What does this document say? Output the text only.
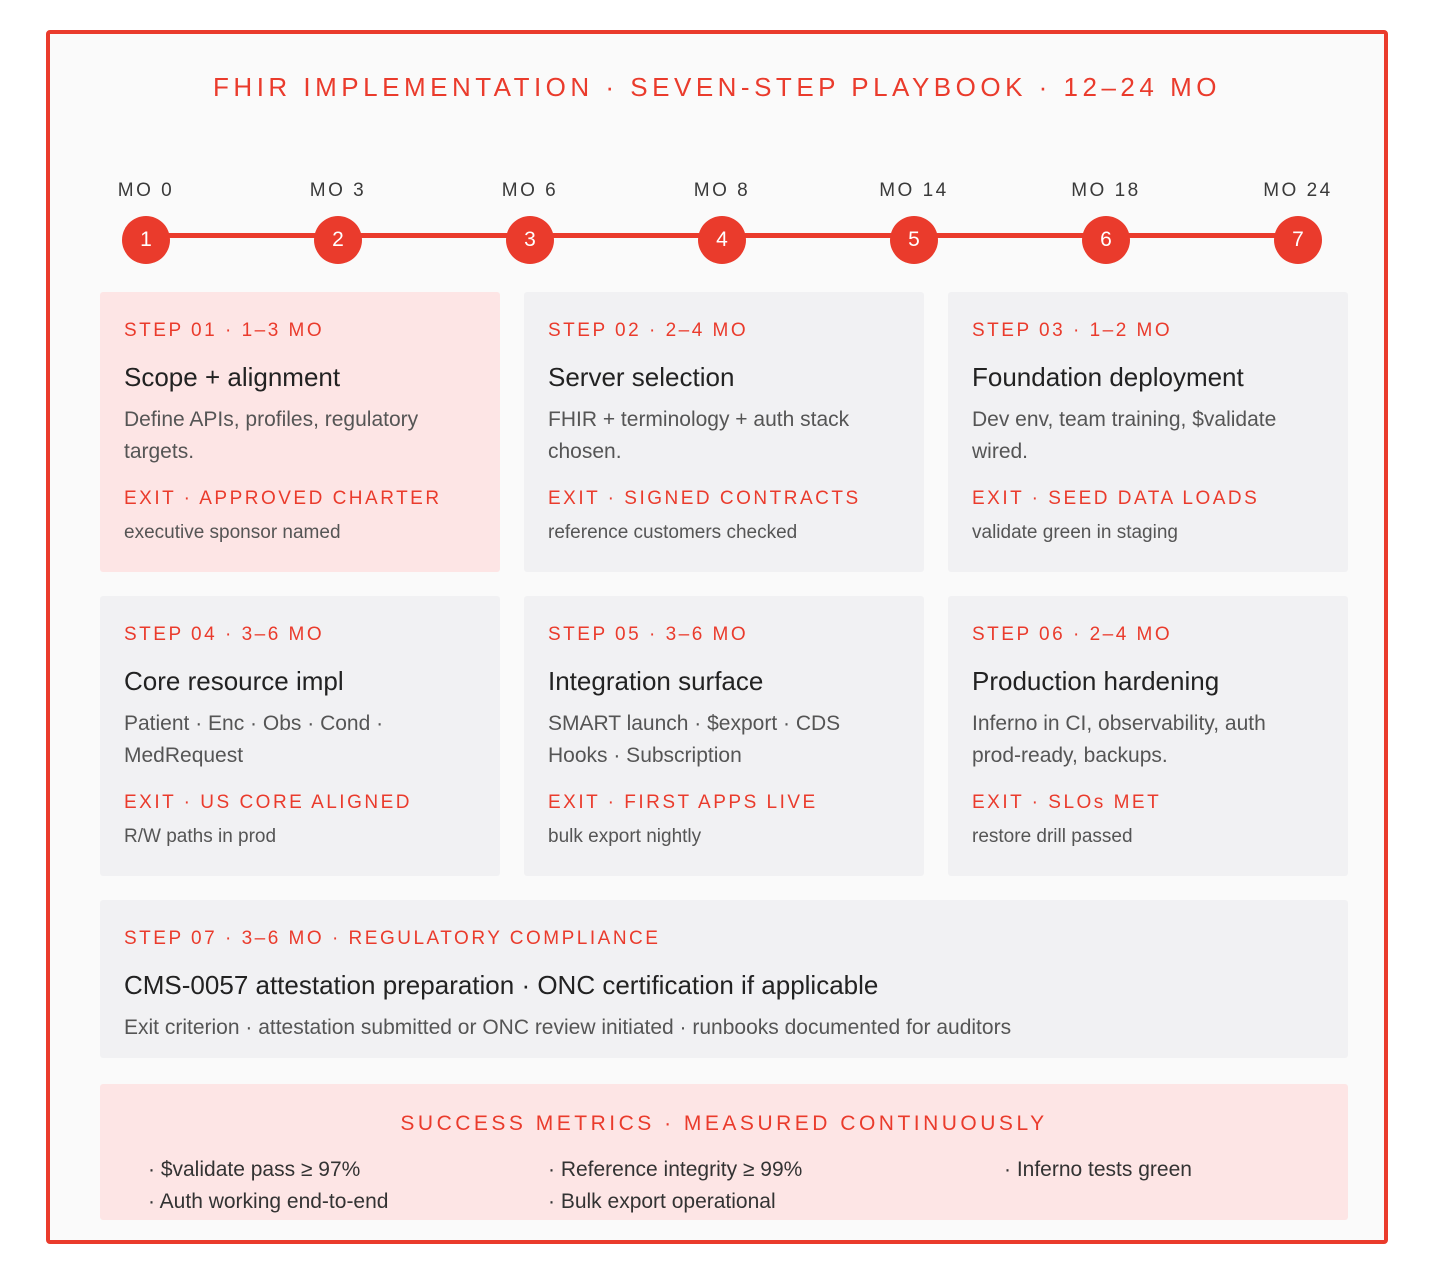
FHIR IMPLEMENTATION · SEVEN-STEP PLAYBOOK · 12–24 MO
MO 0
1
MO 3
2
MO 6
3
MO 8
4
MO 14
5
MO 18
6
MO 24
7
STEP 01 · 1–3 MO
Scope + alignment
Define APIs, profiles, regulatory targets.
EXIT · APPROVED CHARTER
executive sponsor named
STEP 02 · 2–4 MO
Server selection
FHIR + terminology + auth stack chosen.
EXIT · SIGNED CONTRACTS
reference customers checked
STEP 03 · 1–2 MO
Foundation deployment
Dev env, team training, $validate wired.
EXIT · SEED DATA LOADS
validate green in staging
STEP 04 · 3–6 MO
Core resource impl
Patient · Enc · Obs · Cond · MedRequest
EXIT · US CORE ALIGNED
R/W paths in prod
STEP 05 · 3–6 MO
Integration surface
SMART launch · $export · CDS Hooks · Subscription
EXIT · FIRST APPS LIVE
bulk export nightly
STEP 06 · 2–4 MO
Production hardening
Inferno in CI, observability, auth prod-ready, backups.
EXIT · SLOs MET
restore drill passed
STEP 07 · 3–6 MO · REGULATORY COMPLIANCE
CMS-0057 attestation preparation · ONC certification if applicable
Exit criterion · attestation submitted or ONC review initiated · runbooks documented for auditors
SUCCESS METRICS · MEASURED CONTINUOUSLY
· $validate pass ≥ 97%
· Auth working end-to-end
· Reference integrity ≥ 99%
· Bulk export operational
· Inferno tests green
